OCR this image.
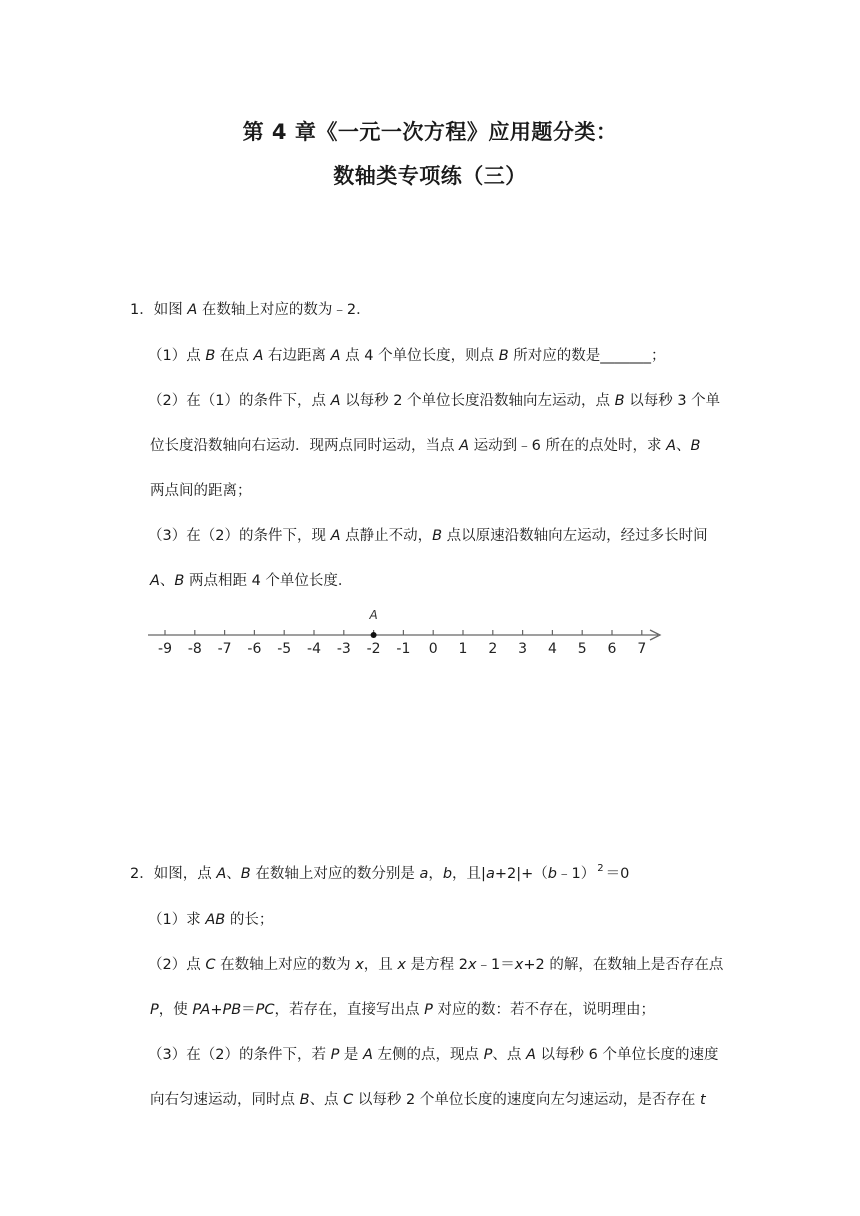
第 4 章《一元一次方程》应用题分类：
数轴类专项练（三）
1．如图 A 在数轴上对应的数为﹣2．
（1）点 B 在点 A 右边距离 A 点 4 个单位长度，则点 B 所对应的数是_______；
（2）在（1）的条件下，点 A 以每秒 2 个单位长度沿数轴向左运动，点 B 以每秒 3 个单
位长度沿数轴向右运动．现两点同时运动，当点 A 运动到﹣6 所在的点处时，求 A、B
两点间的距离；
（3）在（2）的条件下，现 A 点静止不动，B 点以原速沿数轴向左运动，经过多长时间
A、B 两点相距 4 个单位长度．
-9 -8 -7 -6 -5 -4 -3 -2 -1 0 1 2 3 4 5 6 7
A
2．如图，点 A、B 在数轴上对应的数分别是 a，b，且|a+2|+（b﹣1） $^2$ ＝0
（1）求 AB 的长；
（2）点 C 在数轴上对应的数为 x，且 x 是方程 2x﹣1＝x+2 的解，在数轴上是否存在点
P，使 PA+PB＝PC，若存在，直接写出点 P 对应的数：若不存在，说明理由；
（3）在（2）的条件下，若 P 是 A 左侧的点，现点 P、点 A 以每秒 6 个单位长度的速度
向右匀速运动，同时点 B、点 C 以每秒 2 个单位长度的速度向左匀速运动，是否存在 t
